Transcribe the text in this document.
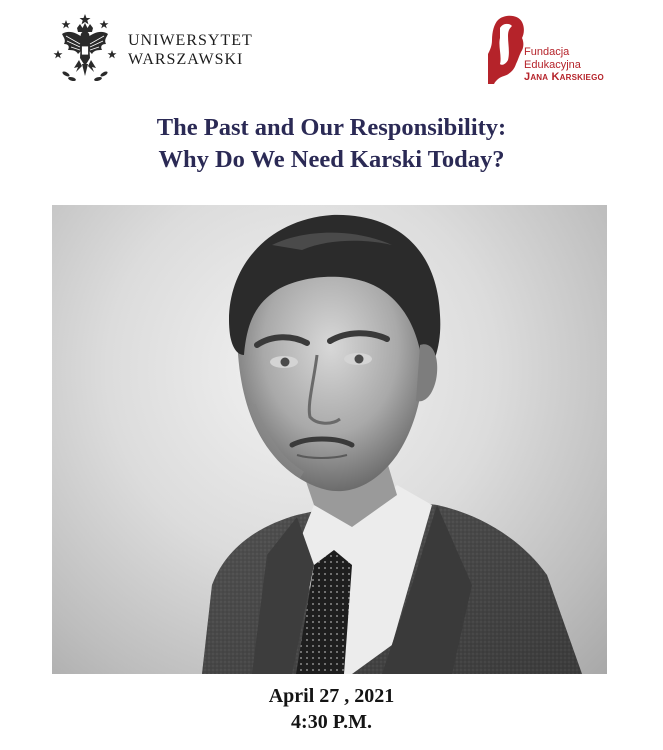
UNIWERSYTET
WARSZAWSKI	Fundacja
Edukacyjna
Jana Karskiego
The Past and Our Responsibility:
Why Do We Need Karski Today?
April 27 , 2021
4:30 P.M.
